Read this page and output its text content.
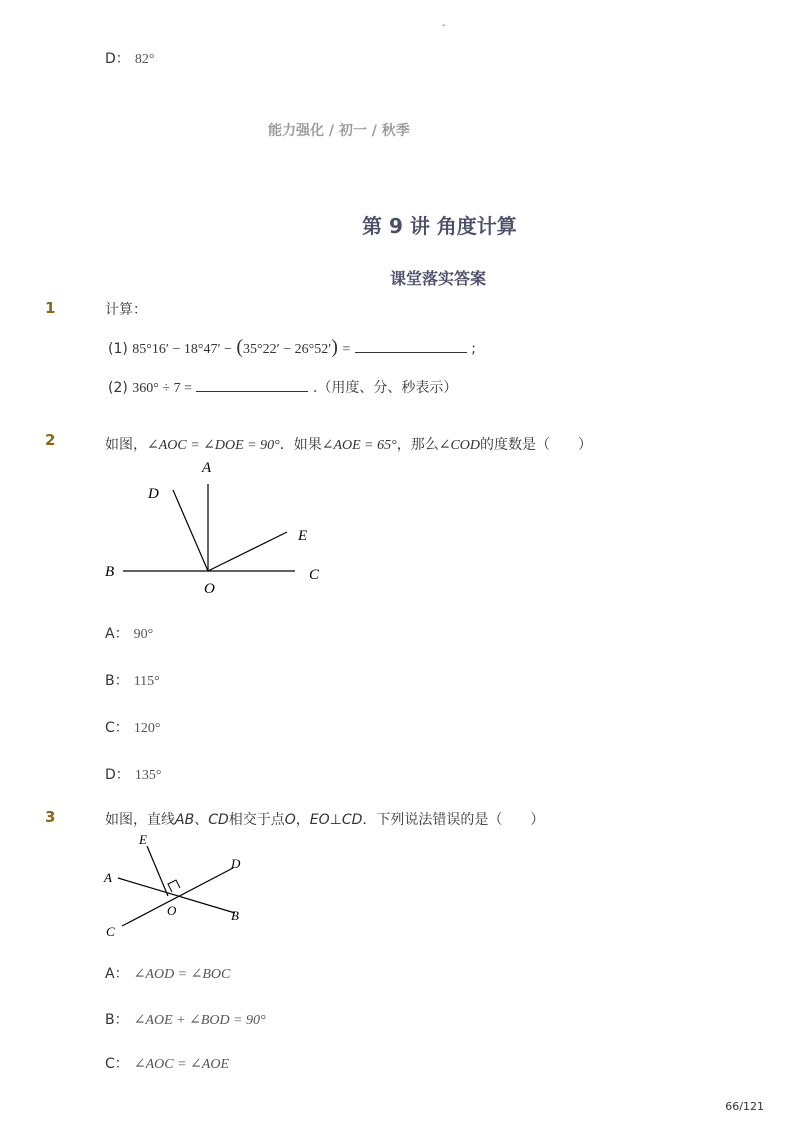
-
D： 82°
能力强化 / 初一 / 秋季
第 9 讲 角度计算
课堂落实答案
1	计算：
(1) 85°16′ − 18°47′ − (35°22′ − 26°52′) =	;
(2) 360° ÷ 7 =	.（用度、分、秒表示）
2	如图，∠AOC = ∠DOE = 90°．如果∠AOE = 65°，那么∠COD的度数是（　　）
A
D
E
B	C
O
A： 90°
B： 115°
C： 120°
D： 135°
3	如图，直线AB、CD相交于点O，EO⊥CD．下列说法错误的是（　　）
E
D
A
O	B
C
A： ∠AOD = ∠BOC
B： ∠AOE + ∠BOD = 90°
C： ∠AOC = ∠AOE
66/121
